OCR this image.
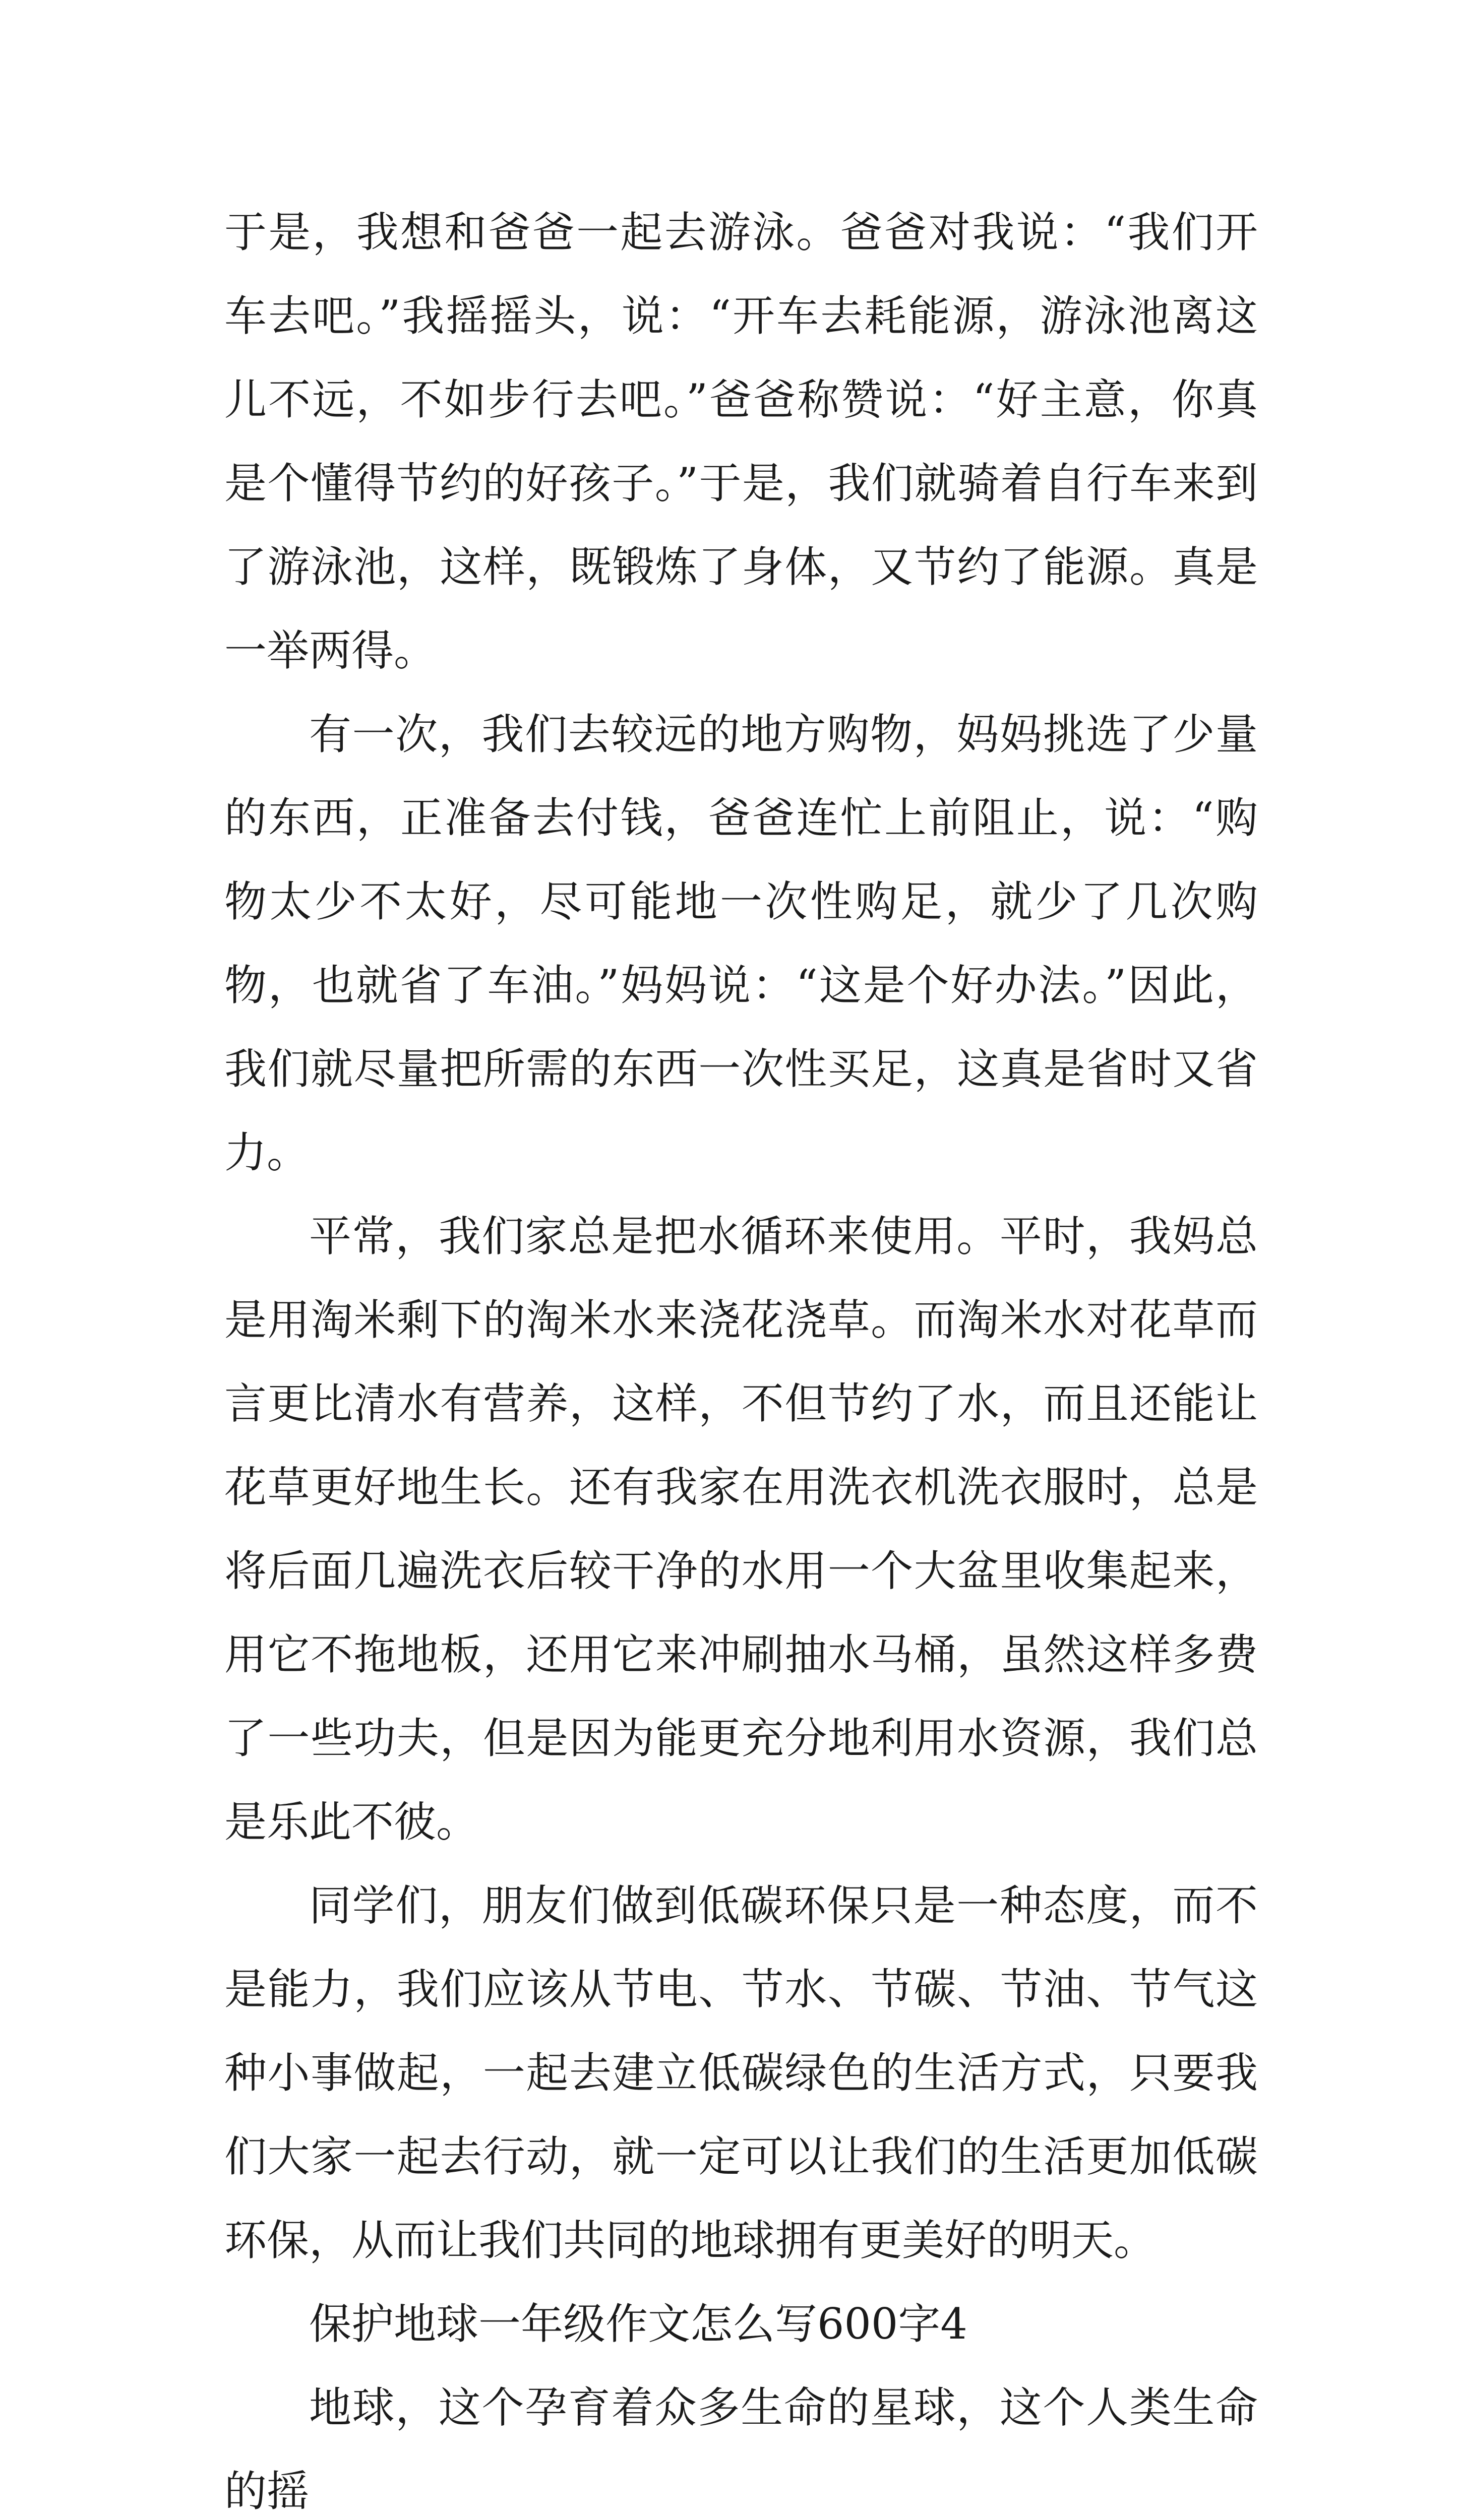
于是，我想和爸爸一起去游泳。爸爸对我说：“我们开车去吧。”我摇摇头，说：“开车去耗能源，游泳池离这儿不远，不如步行去吧。”爸爸称赞说：“好主意，你真是个懂得节约的好孩子。”于是，我们就骑着自行车来到了游泳池，这样，既锻炼了身体，又节约了能源。真是一举两得。

有一次，我们去较远的地方购物，妈妈挑选了少量的东西，正准备去付钱，爸爸连忙上前阻止，说：“购物太少不太好，尽可能地一次性购足，就少了几次购物，也就省了车油。”妈妈说：“这是个好办法。”因此，我们就尽量把所需的东西一次性买足，这真是省时又省力。

平常，我们家总是把水循环来使用。平时，我妈总是用淘米剩下的淘米水来浇花浇草。而淘米水对花草而言更比清水有营养，这样，不但节约了水，而且还能让花草更好地生长。还有我家在用洗衣机洗衣服时，总是将后面几遍洗衣后较干净的水用一个大盆里收集起来，用它不拖地板，还用它来冲刷抽水马桶，虽然这样多费了一些功夫，但是因为能更充分地利用水资源，我们总是乐此不彼。

同学们，朋友们做到低碳环保只是一种态度，而不是能力，我们应该从节电、节水、节碳、节油、节气这种小事做起，一起去建立低碳绿色的生活方式，只要我们大家一起去行动，就一定可以让我们的生活更加低碳环保，从而让我们共同的地球拥有更美好的明天。

保护地球一年级作文怎么写600字4

地球，这个孕育着众多生命的星球，这个人类生命的摇
